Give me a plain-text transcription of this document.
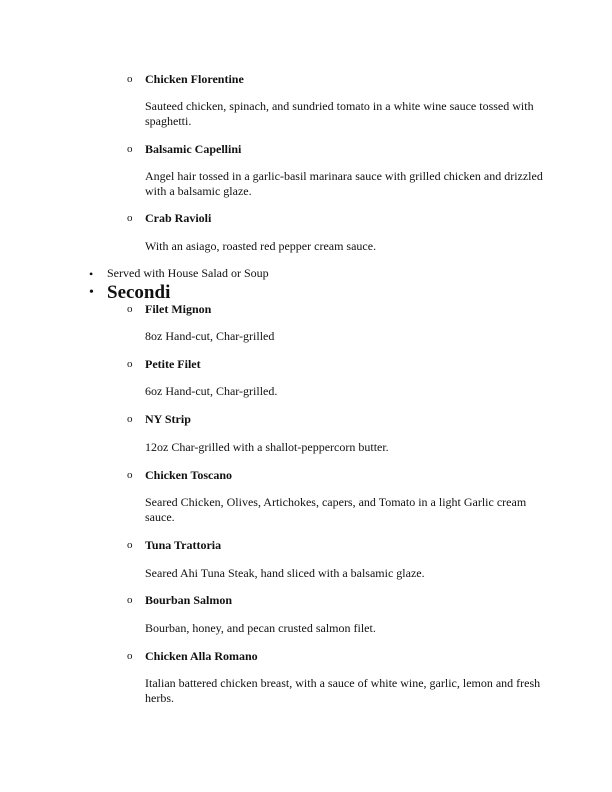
o Chicken Florentine
Sauteed chicken, spinach, and sundried tomato in a white wine sauce tossed with spaghetti.
o Balsamic Capellini
Angel hair tossed in a garlic-basil marinara sauce with grilled chicken and drizzled with a balsamic glaze.
o Crab Ravioli
With an asiago, roasted red pepper cream sauce.
• Served with House Salad or Soup
• Secondi
o Filet Mignon
8oz Hand-cut, Char-grilled
o Petite Filet
6oz Hand-cut, Char-grilled.
o NY Strip
12oz Char-grilled with a shallot-peppercorn butter.
o Chicken Toscano
Seared Chicken, Olives, Artichokes, capers, and Tomato in a light Garlic cream sauce.
o Tuna Trattoria
Seared Ahi Tuna Steak, hand sliced with a balsamic glaze.
o Bourban Salmon
Bourban, honey, and pecan crusted salmon filet.
o Chicken Alla Romano
Italian battered chicken breast, with a sauce of white wine, garlic, lemon and fresh herbs.
